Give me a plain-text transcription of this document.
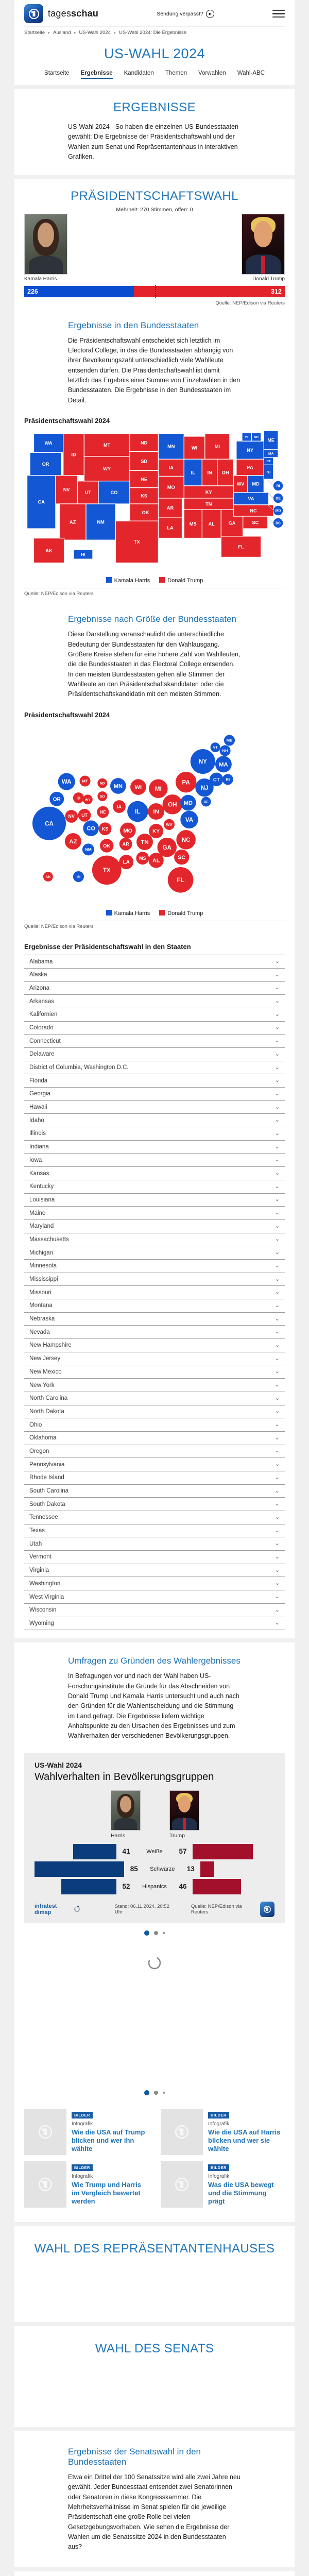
tagesschau	Sendung verpasst?	▶
Startseite ▸ Ausland ▸ US-Wahl 2024 ▸ US-Wahl 2024: Die Ergebnisse
US-WAHL 2024
Startseite Ergebnisse Kandidaten Themen Vorwahlen Wahl-ABC
ERGEBNISSE

US-Wahl 2024 - So haben die einzelnen US-Bundesstaaten gewählt: Die Ergebnisse der Präsidentschaftswahl und der Wahlen zum Senat und Repräsentantenhaus in interaktiven Grafiken.

PRÄSIDENTSCHAFTSWAHL
Mehrheit: 270 Stimmen, offen: 0
Kamala Harris	Donald Trump
226	312
Quelle: NEP/Edison via Reuters
Ergebnisse in den Bundesstaaten

Die Präsidentschaftswahl entscheidet sich letztlich im Electoral College, in das die Bundesstaaten abhängig von ihrer Bevölkerungszahl unterschiedlich viele Wahlleute entsenden dürfen. Die Präsidentschaftswahl ist damit letztlich das Ergebnis einer Summe von Einzelwahlen in den Bundesstaaten. Die Ergebnisse in den Bundesstaaten im Detail.

Präsidentschaftswahl 2024
WA
OR
CA
ID
NV
UT
AZ
MT
WY
CO
NM
ND
SD
NE
KS
OK
TX
MN
IA
MO
AR
LA
WI
IL
MI
IN OH
KY
TN
MS AL	GA
FL
WV
VA
NC
SC
MD
PA
NY
NJ
CT
MA
VT NH
ME
AK
HI
RI
DE
MD
DC
Kamala Harris	Donald Trump
Quelle: NEP/Edison via Reuters
Ergebnisse nach Größe der Bundesstaaten

Diese Darstellung veranschaulicht die unterschiedliche Bedeutung der Bundesstaaten für den Wahlausgang. Größere Kreise stehen für eine höhere Zahl von Wahlleuten, die die Bundesstaaten in das Electoral College entsenden. In den meisten Bundesstaaten gehen alle Stimmen der Wahlleute an den Präsidentschaftskandidaten oder die Präsidentschaftskandidatin mit den meisten Stimmen.

Präsidentschaftswahl 2024
CA
TX
FL
NY
PA
IL
OH
GA
NC
MI	NJ
VA
WA
AZ
IN
MA
TN
CO
MD
MN
MO
WI
AL
SC
KY
LA
OR
CT
OK	AR
IA
KS
MS
NV UT
NE
NM
WV
HI
ID
ME
MT
NH
RI
AK
DE
ND
SD
VT
WY
Kamala Harris	Donald Trump
Quelle: NEP/Edison via Reuters
Ergebnisse der Präsidentschaftswahl in den Staaten
Alabama	⌄
Alaska	⌄
Arizona	⌄
Arkansas	⌄
Kalifornien	⌄
Colorado	⌄
Connecticut	⌄
Delaware	⌄
District of Columbia, Washington D.C.	⌄
Florida	⌄
Georgia	⌄
Hawaii	⌄
Idaho	⌄
Illinois	⌄
Indiana	⌄
Iowa	⌄
Kansas	⌄
Kentucky	⌄
Louisiana	⌄
Maine	⌄
Maryland	⌄
Massachusetts	⌄
Michigan	⌄
Minnesota	⌄
Mississippi	⌄
Missouri	⌄
Montana	⌄
Nebraska	⌄
Nevada	⌄
New Hampshire	⌄
New Jersey	⌄
New Mexico	⌄
New York	⌄
North Carolina	⌄
North Dakota	⌄
Ohio	⌄
Oklahoma	⌄
Oregon	⌄
Pennsylvania	⌄
Rhode Island	⌄
South Carolina	⌄
South Dakota	⌄
Tennessee	⌄
Texas	⌄
Utah	⌄
Vermont	⌄
Virginia	⌄
Washington	⌄
West Virginia	⌄
Wisconsin	⌄
Wyoming	⌄
Umfragen zu Gründen des Wahlergebnisses

In Befragungen vor und nach der Wahl haben US-Forschungsinstitute die Gründe für das Abschneiden von Donald Trump und Kamala Harris untersucht und auch nach den Gründen für die Wahlentscheidung und die Stimmung im Land gefragt. Die Ergebnisse liefern wichtige Anhaltspunkte zu den Ursachen des Ergebnisses und zum Wahlverhalten der verschiedenen Bevölkerungsgruppen.

US-Wahl 2024
Wahlverhalten in Bevölkerungsgruppen
Harris	Trump
41	Weiße	57
85	Schwarze	13
52	Hispanics	46
infratest dimap
Stand: 06.11.2024, 20:52 Uhr
Quelle: NEP/Edison via Reuters
BILDER
Infografik
Wie die USA auf Trump blicken und wer ihn wählte
BILDER
Infografik
Wie die USA auf Harris blicken und wer sie wählte
BILDER
Infografik
Wie Trump und Harris im Vergleich bewertet werden
BILDER
Infografik
Was die USA bewegt und die Stimmung prägt
WAHL DES REPRÄSENTANTENHAUSES
WAHL DES SENATS
Ergebnisse der Senatswahl in den Bundesstaaten

Etwa ein Drittel der 100 Senatssitze wird alle zwei Jahre neu gewählt. Jeder Bundesstaat entsendet zwei Senatorinnen oder Senatoren in diese Kongresskammer. Die Mehrheitsverhältnisse im Senat spielen für die jeweilige Präsidentschaft eine große Rolle bei vielen Gesetzgebungsvorhaben. Wie sehen die Ergebnisse der Wahlen um die Senatssitze 2024 in den Bundesstaaten aus?
